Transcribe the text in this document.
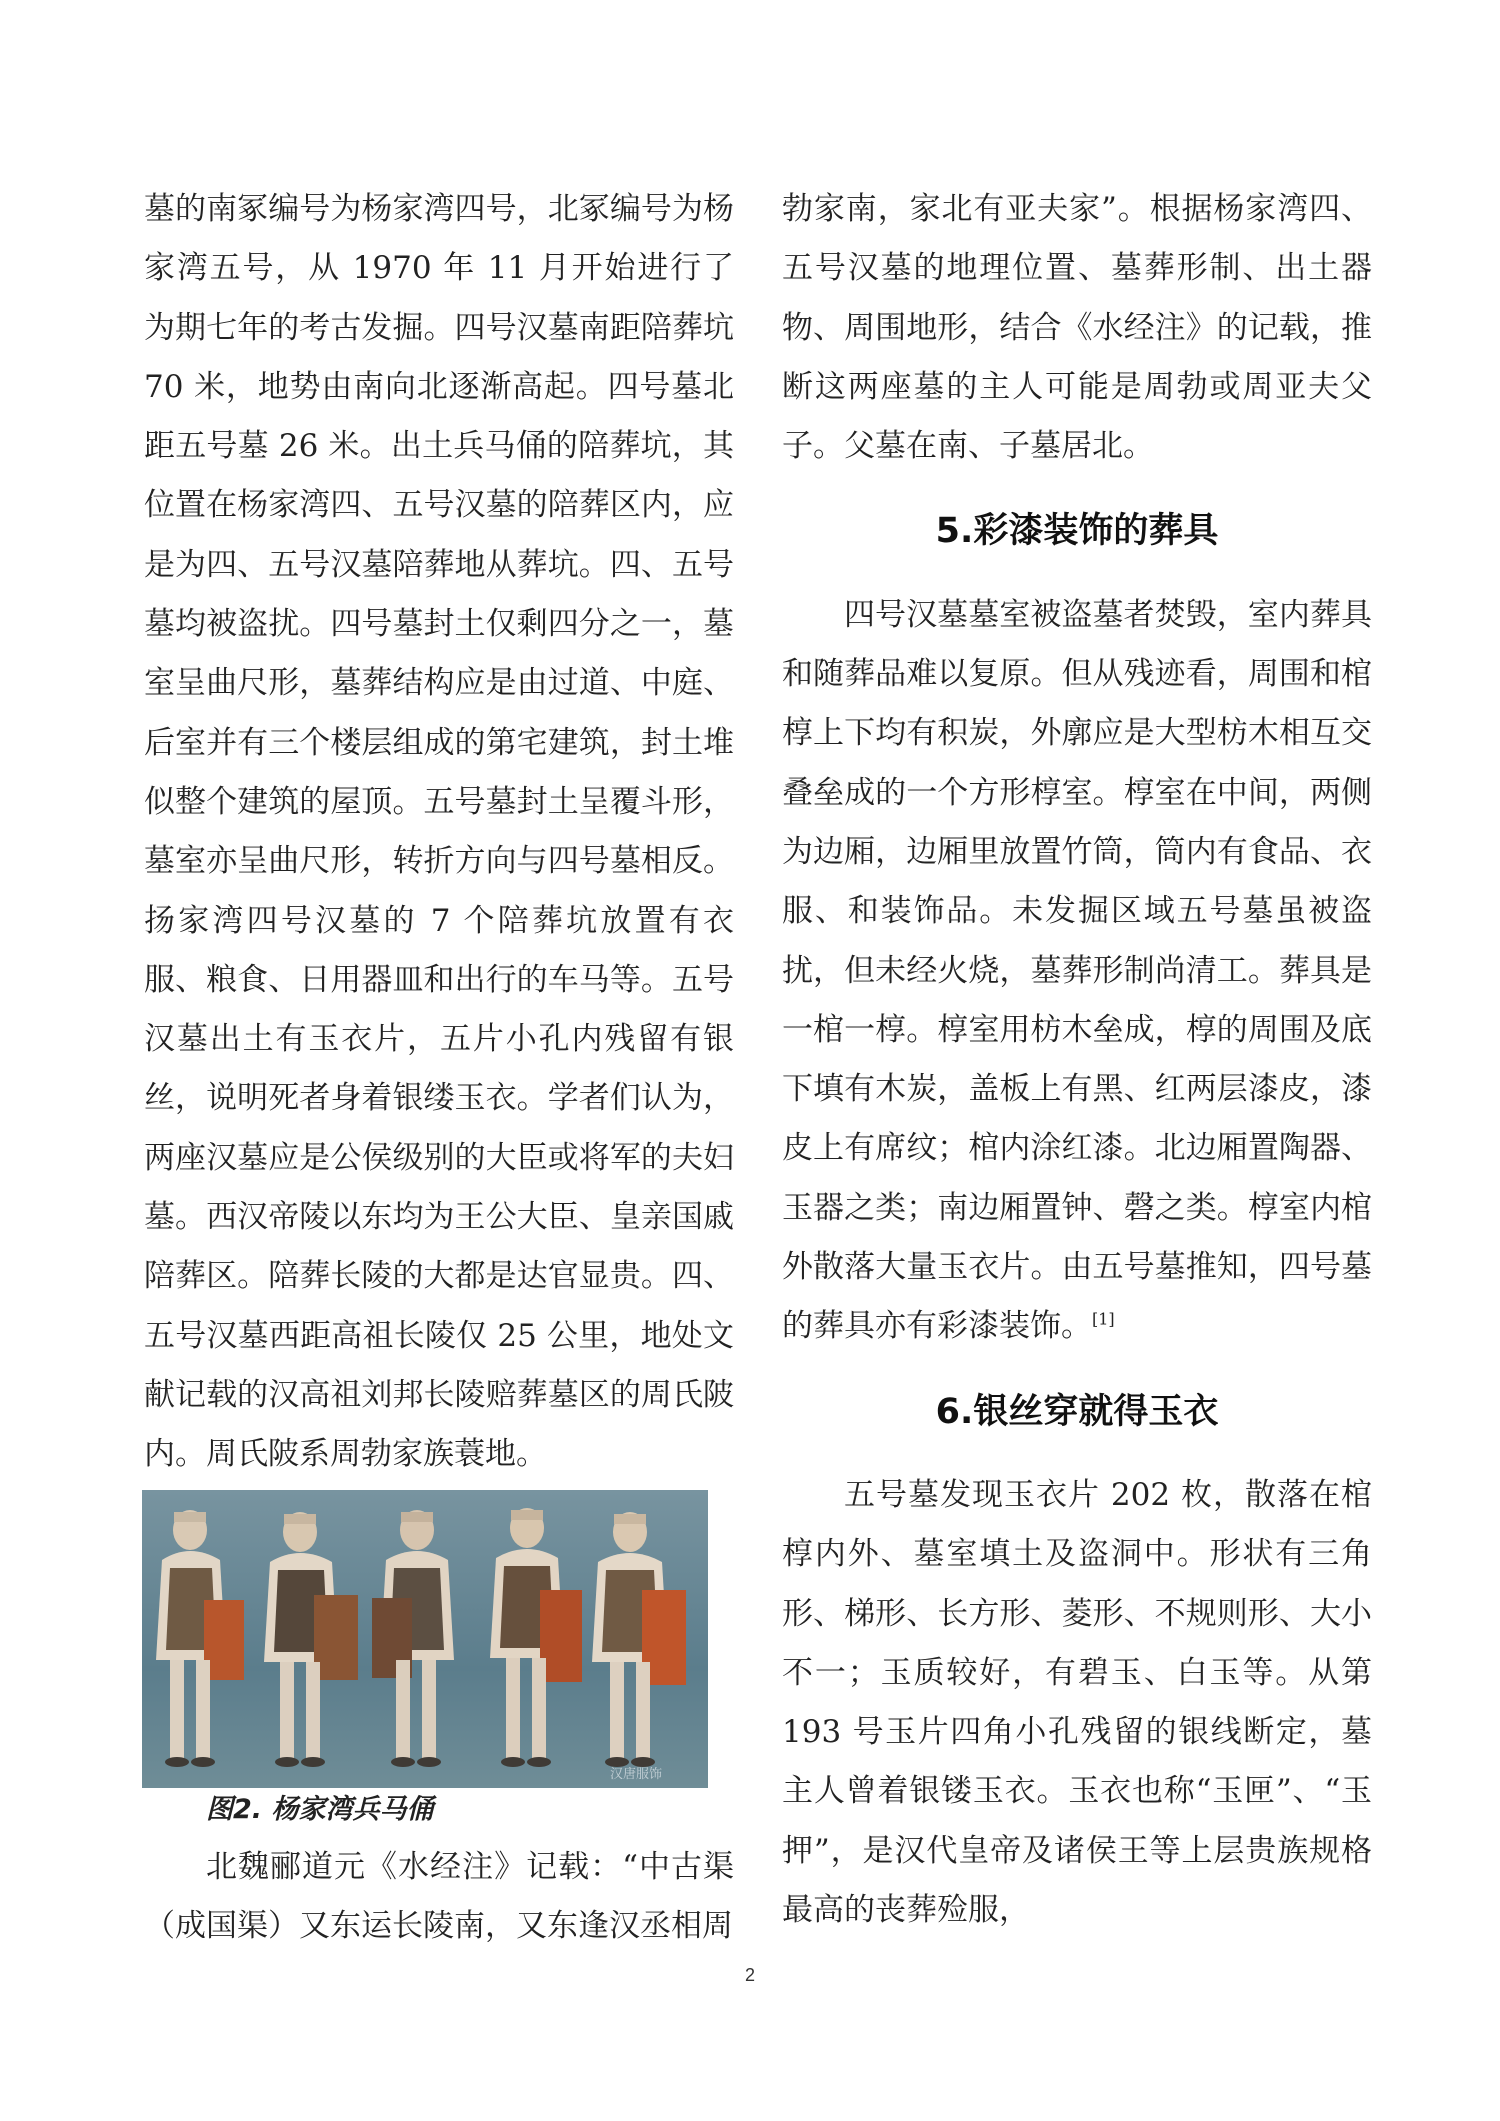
墓的南冢编号为杨家湾四号，北冢编号为杨家湾五号，从 1970 年 11 月开始进行了为期七年的考古发掘。四号汉墓南距陪葬坑 70 米，地势由南向北逐渐高起。四号墓北距五号墓 26 米。出土兵马俑的陪葬坑，其位置在杨家湾四、五号汉墓的陪葬区内，应是为四、五号汉墓陪葬地从葬坑。四、五号墓均被盗扰。四号墓封土仅剩四分之一，墓室呈曲尺形，墓葬结构应是由过道、中庭、后室并有三个楼层组成的第宅建筑，封土堆似整个建筑的屋顶。五号墓封土呈覆斗形，墓室亦呈曲尺形，转折方向与四号墓相反。扬家湾四号汉墓的 7 个陪葬坑放置有衣服、粮食、日用器皿和出行的车马等。五号汉墓出土有玉衣片，五片小孔内残留有银丝，说明死者身着银缕玉衣。学者们认为，两座汉墓应是公侯级别的大臣或将军的夫妇墓。西汉帝陵以东均为王公大臣、皇亲国戚陪葬区。陪葬长陵的大都是达官显贵。四、五号汉墓西距高祖长陵仅 25 公里，地处文献记载的汉高祖刘邦长陵赔葬墓区的周氏陂内。周氏陂系周勃家族蓑地。

汉唐服饰
图2. 杨家湾兵马俑

北魏郦道元《水经注》记载：“中古渠（成国渠）又东运长陵南，又东逢汉丞相周

勃家南，家北有亚夫家”。根据杨家湾四、五号汉墓的地理位置、墓葬形制、出土器物、周围地形，结合《水经注》的记载，推断这两座墓的主人可能是周勃或周亚夫父子。父墓在南、子墓居北。

5.彩漆装饰的葬具

四号汉墓墓室被盗墓者焚毁，室内葬具和随葬品难以复原。但从残迹看，周围和棺椁上下均有积炭，外廓应是大型枋木相互交叠垒成的一个方形椁室。椁室在中间，两侧为边厢，边厢里放置竹筒，筒内有食品、衣服、和装饰品。未发掘区域五号墓虽被盗扰，但未经火烧，墓葬形制尚清工。葬具是一棺一椁。椁室用枋木垒成，椁的周围及底下填有木炭，盖板上有黑、红两层漆皮，漆皮上有席纹；棺内涂红漆。北边厢置陶器、玉器之类；南边厢置钟、磬之类。椁室内棺外散落大量玉衣片。由五号墓推知，四号墓的葬具亦有彩漆装饰。[1]

6.银丝穿就得玉衣

五号墓发现玉衣片 202 枚，散落在棺椁内外、墓室填土及盗洞中。形状有三角形、梯形、长方形、菱形、不规则形、大小不一；玉质较好，有碧玉、白玉等。从第 193 号玉片四角小孔残留的银线断定，墓主人曾着银镂玉衣。玉衣也称“玉匣”、“玉押”，是汉代皇帝及诸侯王等上层贵族规格最高的丧葬殓服，

2
